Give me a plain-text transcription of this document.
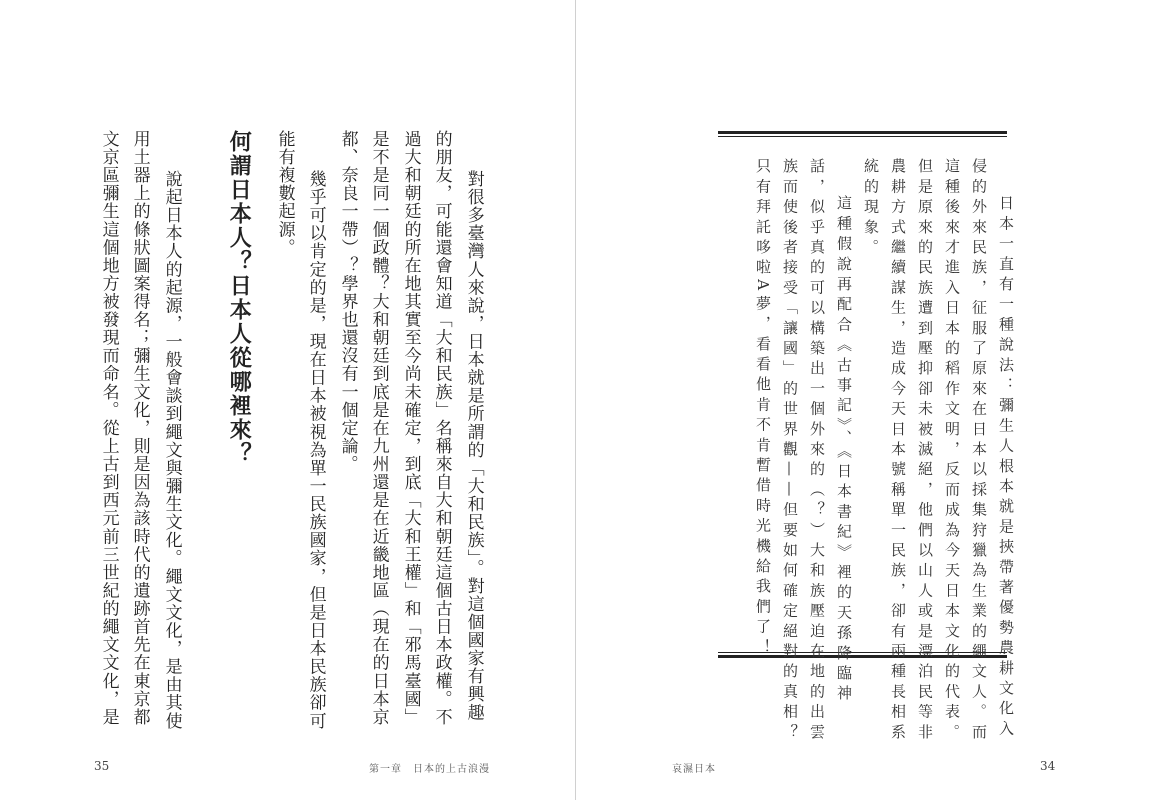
對很多臺灣人來說，日本就是所謂的「大和民族」。對這個國家有興趣

的朋友，可能還會知道「大和民族」名稱來自大和朝廷這個古日本政權。不

過大和朝廷的所在地其實至今尚未確定，到底「大和王權」和「邪馬臺國」

是不是同一個政體？大和朝廷到底是在九州還是在近畿地區（現在的日本京

都、奈良一帶）？學界也還沒有一個定論。

幾乎可以肯定的是，現在日本被視為單一民族國家，但是日本民族卻可

能有複數起源。

何謂日本人？日本人從哪裡來？

說起日本人的起源，一般會談到繩文與彌生文化。繩文文化，是由其使

用土器上的條狀圖案得名；彌生文化，則是因為該時代的遺跡首先在東京都

文京區彌生這個地方被發現而命名。從上古到西元前三世紀的繩文文化，是

35	第一章　日本的上古浪漫

日本一直有一種說法：彌生人根本就是挾帶著優勢農耕文化入

侵的外來民族，征服了原來在日本以採集狩獵為生業的繩文人。而

這種後來才進入日本的稻作文明，反而成為今天日本文化的代表。

但是原來的民族遭到壓抑卻未被滅絕，他們以山人或是漂泊民等非

農耕方式繼續謀生，造成今天日本號稱單一民族，卻有兩種長相系

統的現象。

這種假說再配合《古事記》、《日本書紀》裡的天孫降臨神

話，似乎真的可以構築出一個外來的（？）大和族壓迫在地的出雲

族而使後者接受「讓國」的世界觀——但要如何確定絕對的真相？

只有拜託哆啦A夢，看看他肯不肯暫借時光機給我們了！

哀濕日本	34
